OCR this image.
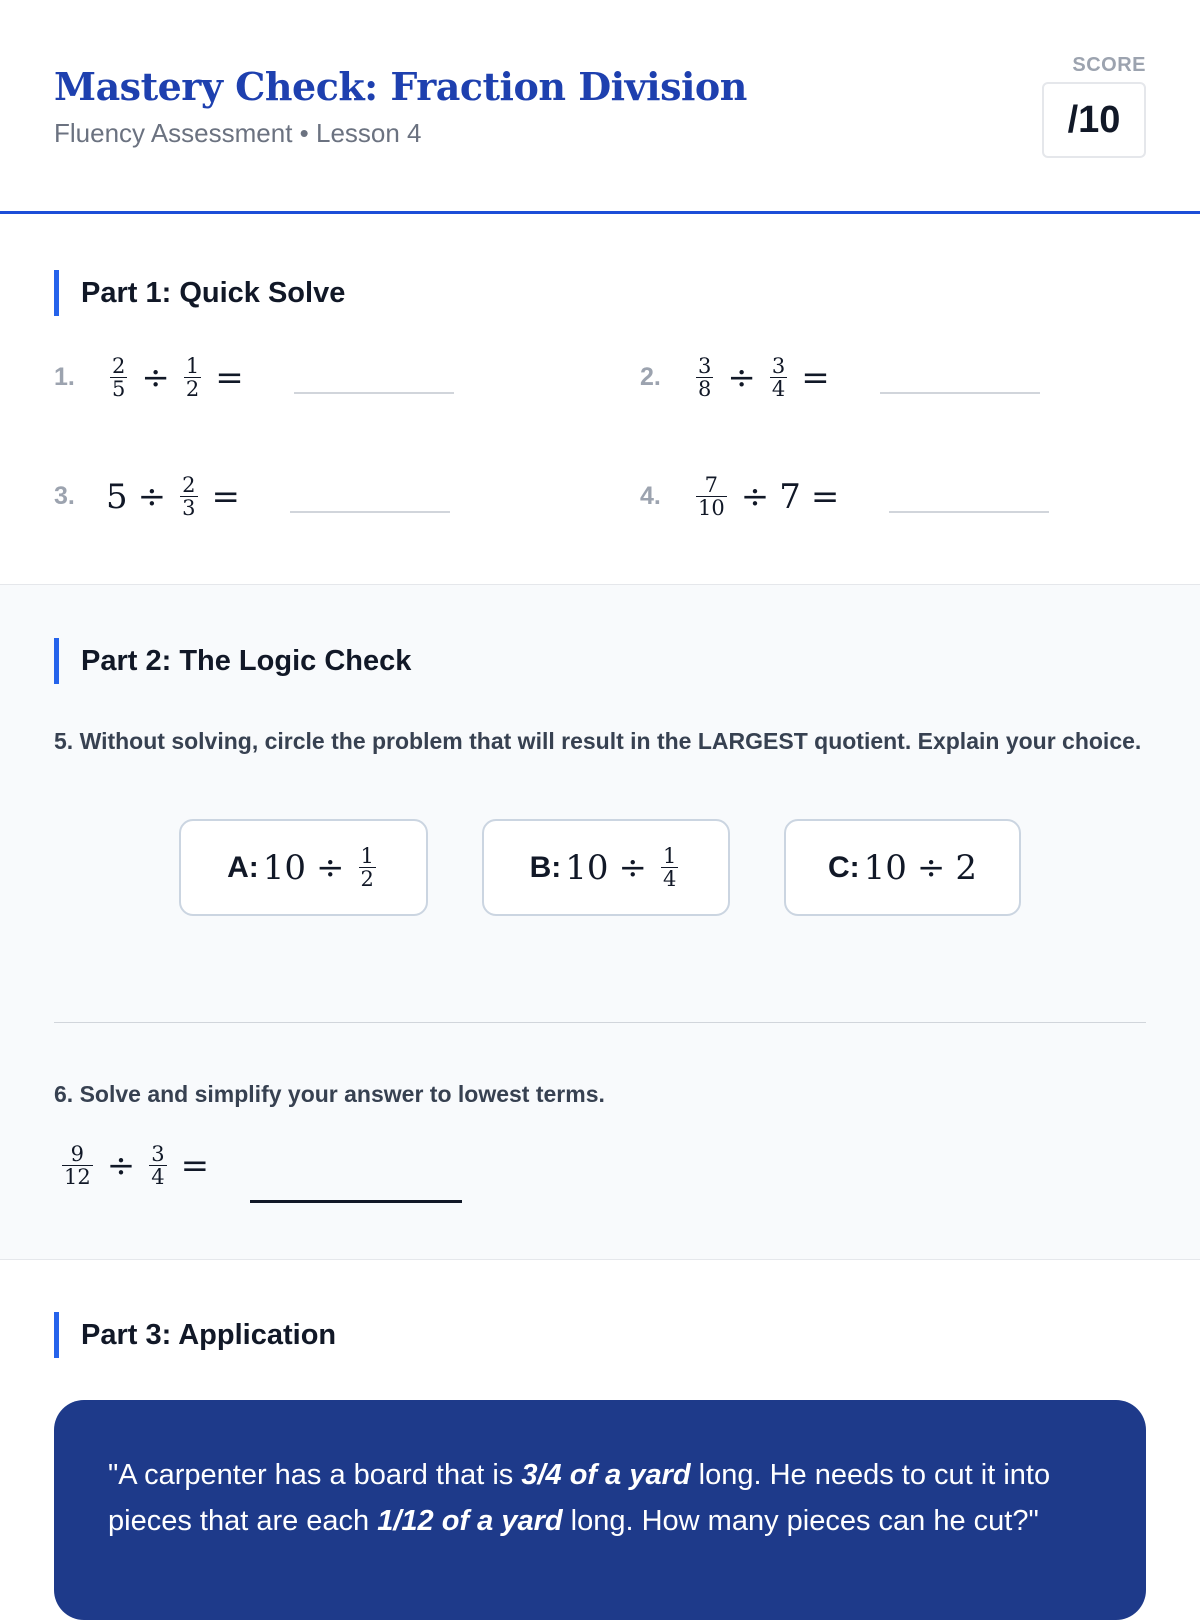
Mastery Check: Fraction Division
Fluency Assessment • Lesson 4
SCORE
/10
Part 1: Quick Solve
1.	$\frac{2}{5} \div \frac{1}{2}$ =	2.	$\frac{3}{8} \div \frac{3}{4}$ =
3. $5 \div \frac{2}{3}$ =	4.	$\frac{7}{10} \div 7$ =
Part 2: The Logic Check
5. Without solving, circle the problem that will result in the LARGEST quotient. Explain your choice.
A: $10 \div \frac{1}{2}$	B: $10 \div \frac{1}{4}$	C: 10 ÷ 2
6. Solve and simplify your answer to lowest terms.
$\frac{9}{12} \div \frac{3}{4}$ =
Part 3: Application
"A carpenter has a board that is 3/4 of a yard long. He needs to cut it into pieces that are each 1/12 of a yard long. How many pieces can he cut?"
